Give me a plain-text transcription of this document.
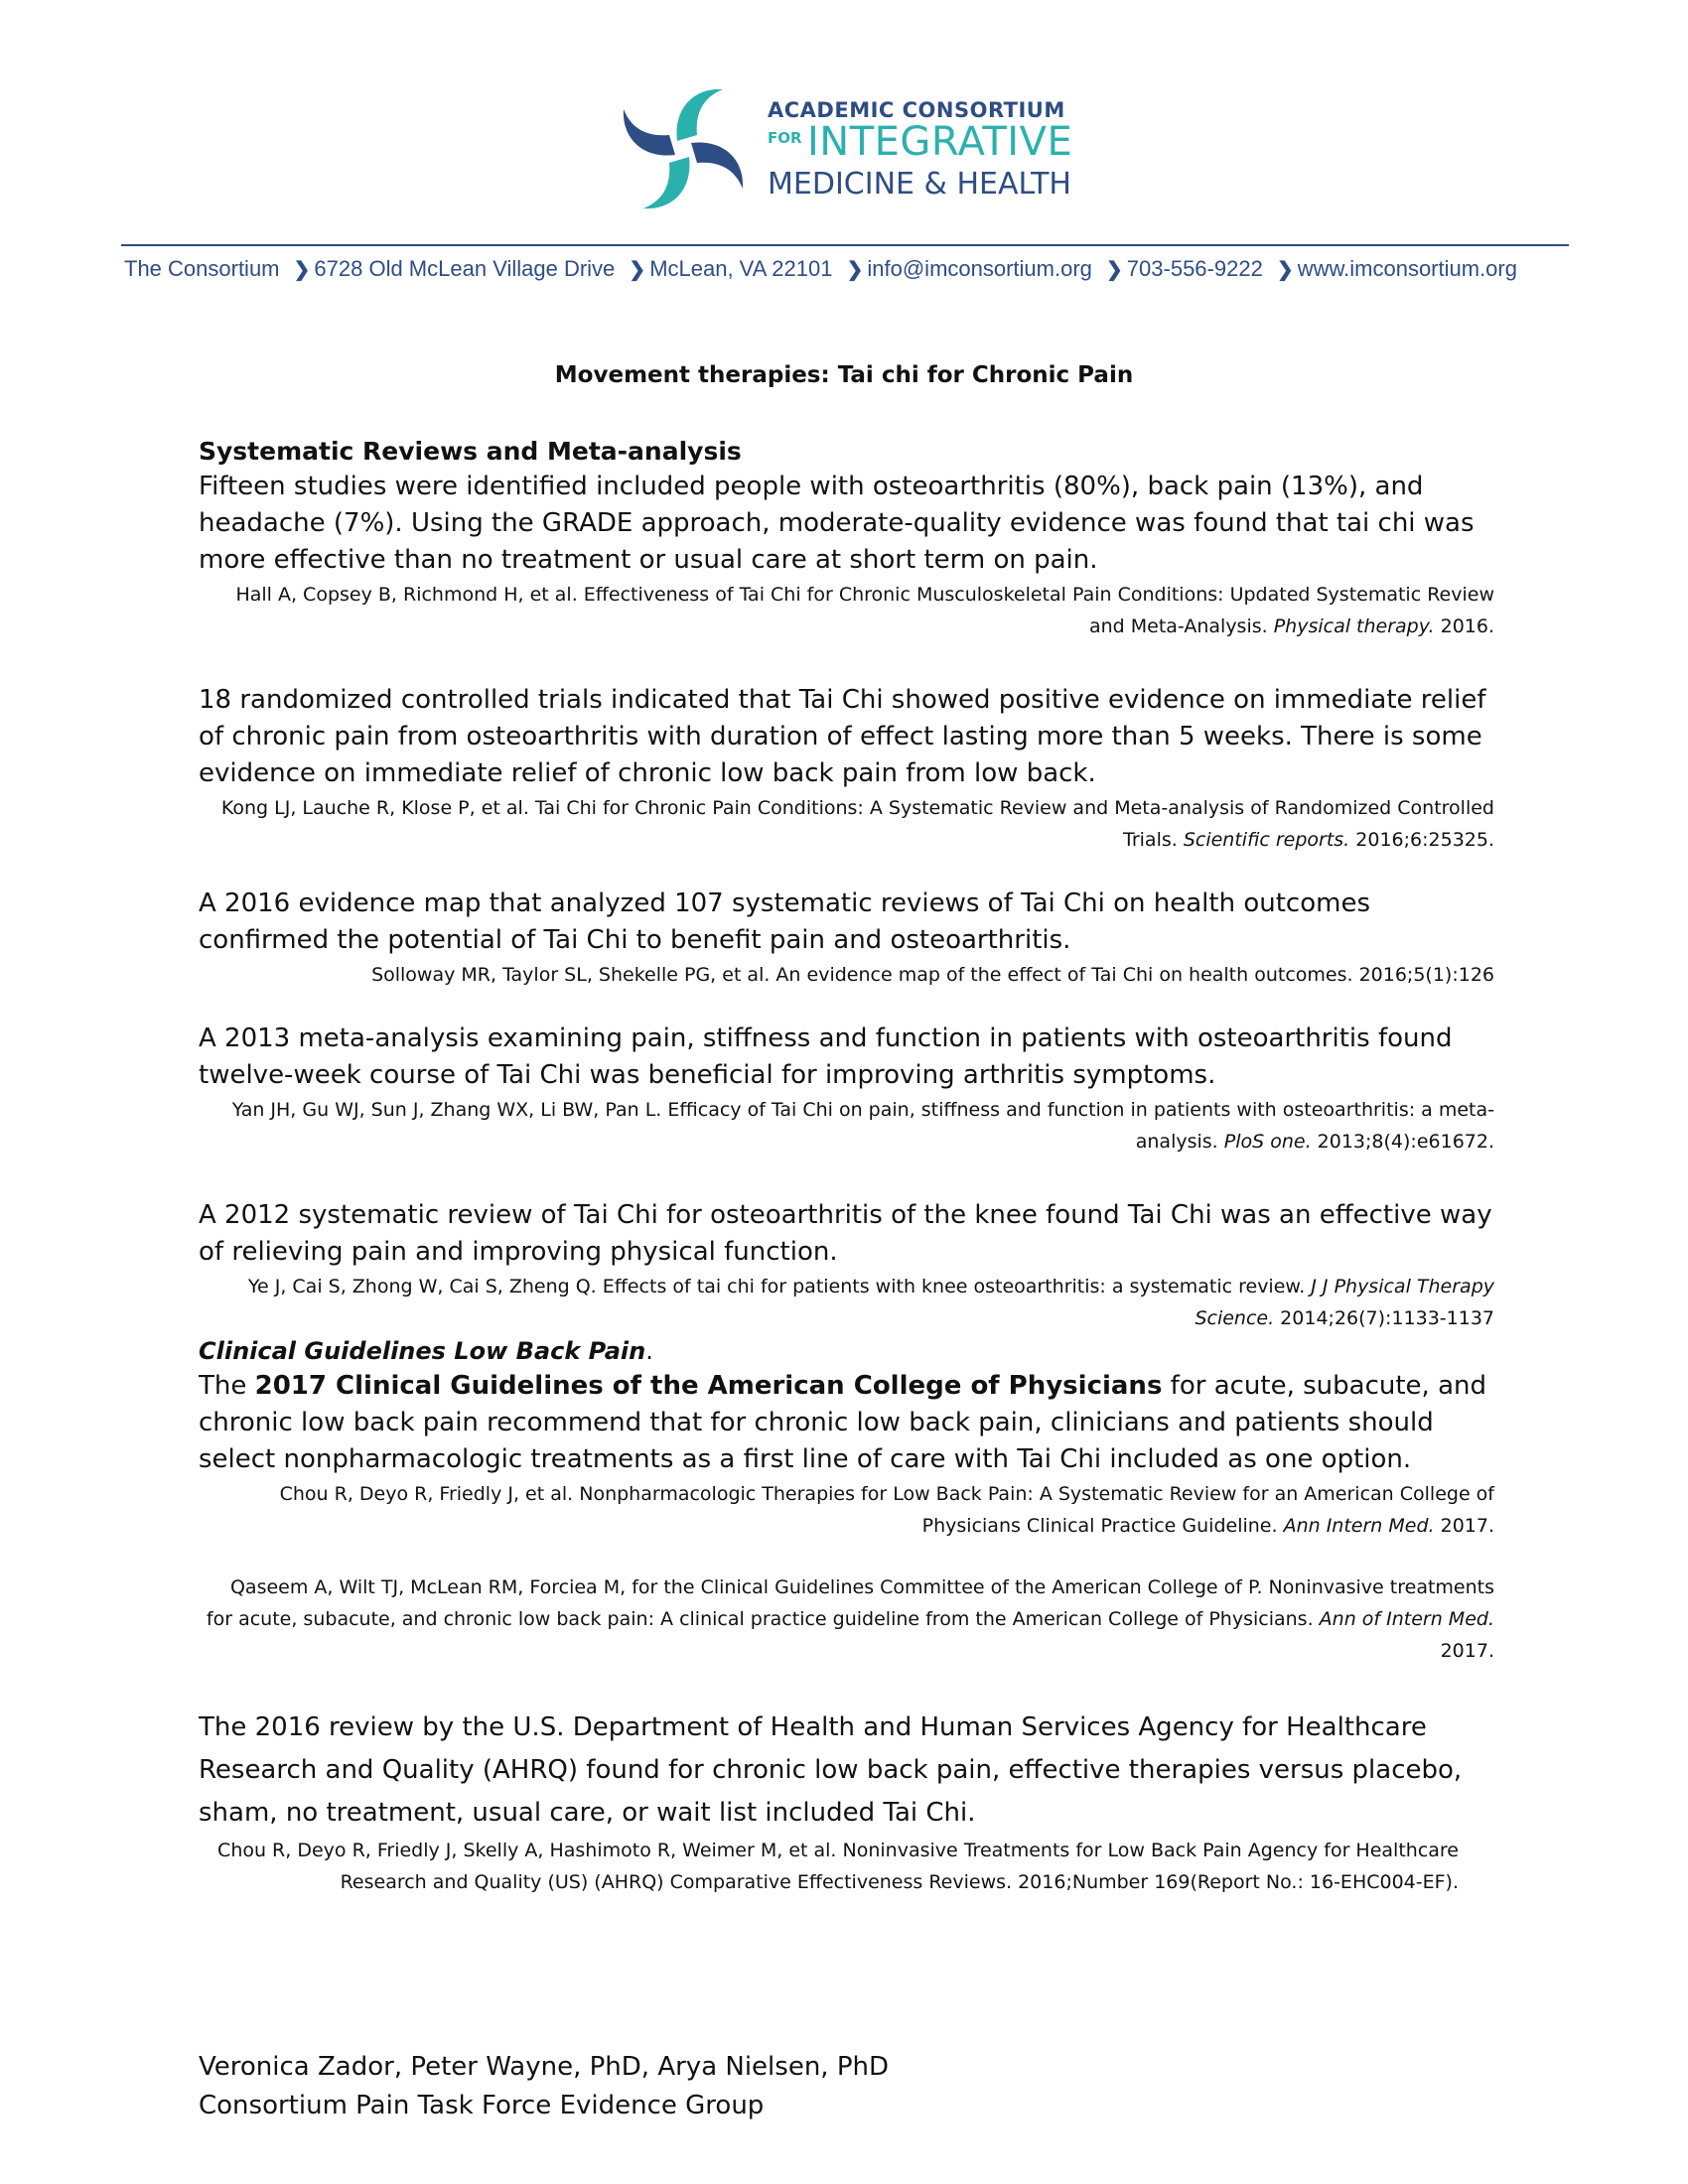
ACADEMIC CONSORTIUM
FOR INTEGRATIVE
MEDICINE & HEALTH
The Consortium ❯ 6728 Old McLean Village Drive ❯ McLean, VA 22101 ❯ info@imconsortium.org ❯ 703-556-9222 ❯ www.imconsortium.org
Movement therapies: Tai chi for Chronic Pain
Systematic Reviews and Meta-analysis
Fifteen studies were identified included people with osteoarthritis (80%), back pain (13%), and headache (7%). Using the GRADE approach, moderate-quality evidence was found that tai chi was more effective than no treatment or usual care at short term on pain.
Hall A, Copsey B, Richmond H, et al. Effectiveness of Tai Chi for Chronic Musculoskeletal Pain Conditions: Updated Systematic Review and Meta-Analysis. Physical therapy. 2016.
18 randomized controlled trials indicated that Tai Chi showed positive evidence on immediate relief of chronic pain from osteoarthritis with duration of effect lasting more than 5 weeks. There is some evidence on immediate relief of chronic low back pain from low back.
Kong LJ, Lauche R, Klose P, et al. Tai Chi for Chronic Pain Conditions: A Systematic Review and Meta-analysis of Randomized Controlled Trials. Scientific reports. 2016;6:25325.
A 2016 evidence map that analyzed 107 systematic reviews of Tai Chi on health outcomes confirmed the potential of Tai Chi to benefit pain and osteoarthritis.
Solloway MR, Taylor SL, Shekelle PG, et al. An evidence map of the effect of Tai Chi on health outcomes. 2016;5(1):126
A 2013 meta-analysis examining pain, stiffness and function in patients with osteoarthritis found twelve-week course of Tai Chi was beneficial for improving arthritis symptoms.
Yan JH, Gu WJ, Sun J, Zhang WX, Li BW, Pan L. Efficacy of Tai Chi on pain, stiffness and function in patients with osteoarthritis: a meta-analysis. PloS one. 2013;8(4):e61672.
A 2012 systematic review of Tai Chi for osteoarthritis of the knee found Tai Chi was an effective way of relieving pain and improving physical function.
Ye J, Cai S, Zhong W, Cai S, Zheng Q. Effects of tai chi for patients with knee osteoarthritis: a systematic review. J J Physical Therapy Science. 2014;26(7):1133-1137
Clinical Guidelines Low Back Pain.
The 2017 Clinical Guidelines of the American College of Physicians for acute, subacute, and chronic low back pain recommend that for chronic low back pain, clinicians and patients should select nonpharmacologic treatments as a first line of care with Tai Chi included as one option.
Chou R, Deyo R, Friedly J, et al. Nonpharmacologic Therapies for Low Back Pain: A Systematic Review for an American College of Physicians Clinical Practice Guideline. Ann Intern Med. 2017.
Qaseem A, Wilt TJ, McLean RM, Forciea M, for the Clinical Guidelines Committee of the American College of P. Noninvasive treatments for acute, subacute, and chronic low back pain: A clinical practice guideline from the American College of Physicians. Ann of Intern Med. 2017.
The 2016 review by the U.S. Department of Health and Human Services Agency for Healthcare Research and Quality (AHRQ) found for chronic low back pain, effective therapies versus placebo, sham, no treatment, usual care, or wait list included Tai Chi.
Chou R, Deyo R, Friedly J, Skelly A, Hashimoto R, Weimer M, et al. Noninvasive Treatments for Low Back Pain Agency for Healthcare Research and Quality (US) (AHRQ) Comparative Effectiveness Reviews. 2016;Number 169(Report No.: 16-EHC004-EF).
Veronica Zador, Peter Wayne, PhD, Arya Nielsen, PhD
Consortium Pain Task Force Evidence Group
